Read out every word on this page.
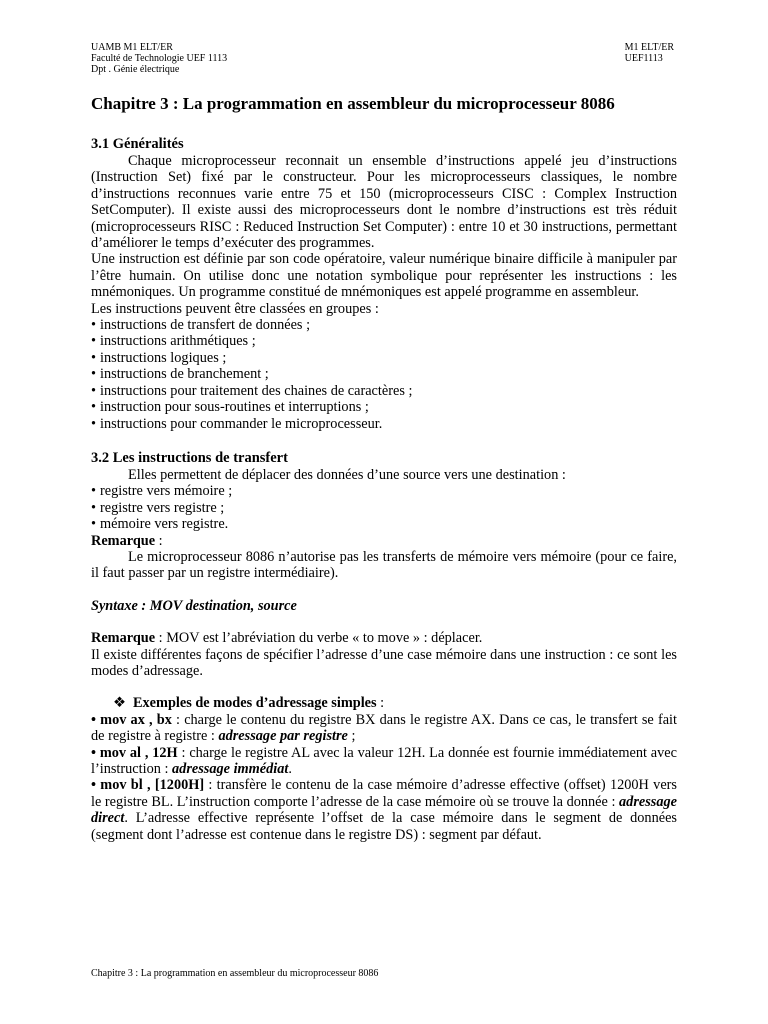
UAMB M1 ELT/ER
Faculté de Technologie UEF 1113
Dpt . Génie électrique
M1 ELT/ER
UEF1113
Chapitre 3 : La programmation en assembleur du microprocesseur 8086
3.1 Généralités

Chaque microprocesseur reconnait un ensemble d’instructions appelé jeu d’instructions (Instruction Set) fixé par le constructeur. Pour les microprocesseurs classiques, le nombre d’instructions reconnues varie entre 75 et 150 (microprocesseurs CISC : Complex Instruction SetComputer). Il existe aussi des microprocesseurs dont le nombre d’instructions est très réduit (microprocesseurs RISC : Reduced Instruction Set Computer) : entre 10 et 30 instructions, permettant d’améliorer le temps d’exécuter des programmes.

Une instruction est définie par son code opératoire, valeur numérique binaire difficile à manipuler par l’être humain. On utilise donc une notation symbolique pour représenter les instructions : les mnémoniques. Un programme constitué de mnémoniques est appelé programme en assembleur.

Les instructions peuvent être classées en groupes :

• instructions de transfert de données ;
• instructions arithmétiques ;
• instructions logiques ;
• instructions de branchement ;
• instructions pour traitement des chaines de caractères ;
• instruction pour sous-routines et interruptions ;
• instructions pour commander le microprocesseur.
3.2 Les instructions de transfert

Elles permettent de déplacer des données d’une source vers une destination :

• registre vers mémoire ;
• registre vers registre ;
• mémoire vers registre.

Remarque :

Le microprocesseur 8086 n’autorise pas les transferts de mémoire vers mémoire (pour ce faire, il faut passer par un registre intermédiaire).

Syntaxe : MOV destination, source

Remarque : MOV est l’abréviation du verbe « to move » : déplacer.

Il existe différentes façons de spécifier l’adresse d’une case mémoire dans une instruction : ce sont les modes d’adressage.

❖ Exemples de modes d’adressage simples :

• mov ax , bx : charge le contenu du registre BX dans le registre AX. Dans ce cas, le transfert se fait de registre à registre : adressage par registre ;

• mov al , 12H : charge le registre AL avec la valeur 12H. La donnée est fournie immédiatement avec l’instruction : adressage immédiat.

• mov bl , [1200H] : transfère le contenu de la case mémoire d’adresse effective (offset) 1200H vers le registre BL. L’instruction comporte l’adresse de la case mémoire où se trouve la donnée : adressage direct. L’adresse effective représente l’offset de la case mémoire dans le segment de données (segment dont l’adresse est contenue dans le registre DS) : segment par défaut.

Chapitre 3 : La programmation en assembleur du microprocesseur 8086
